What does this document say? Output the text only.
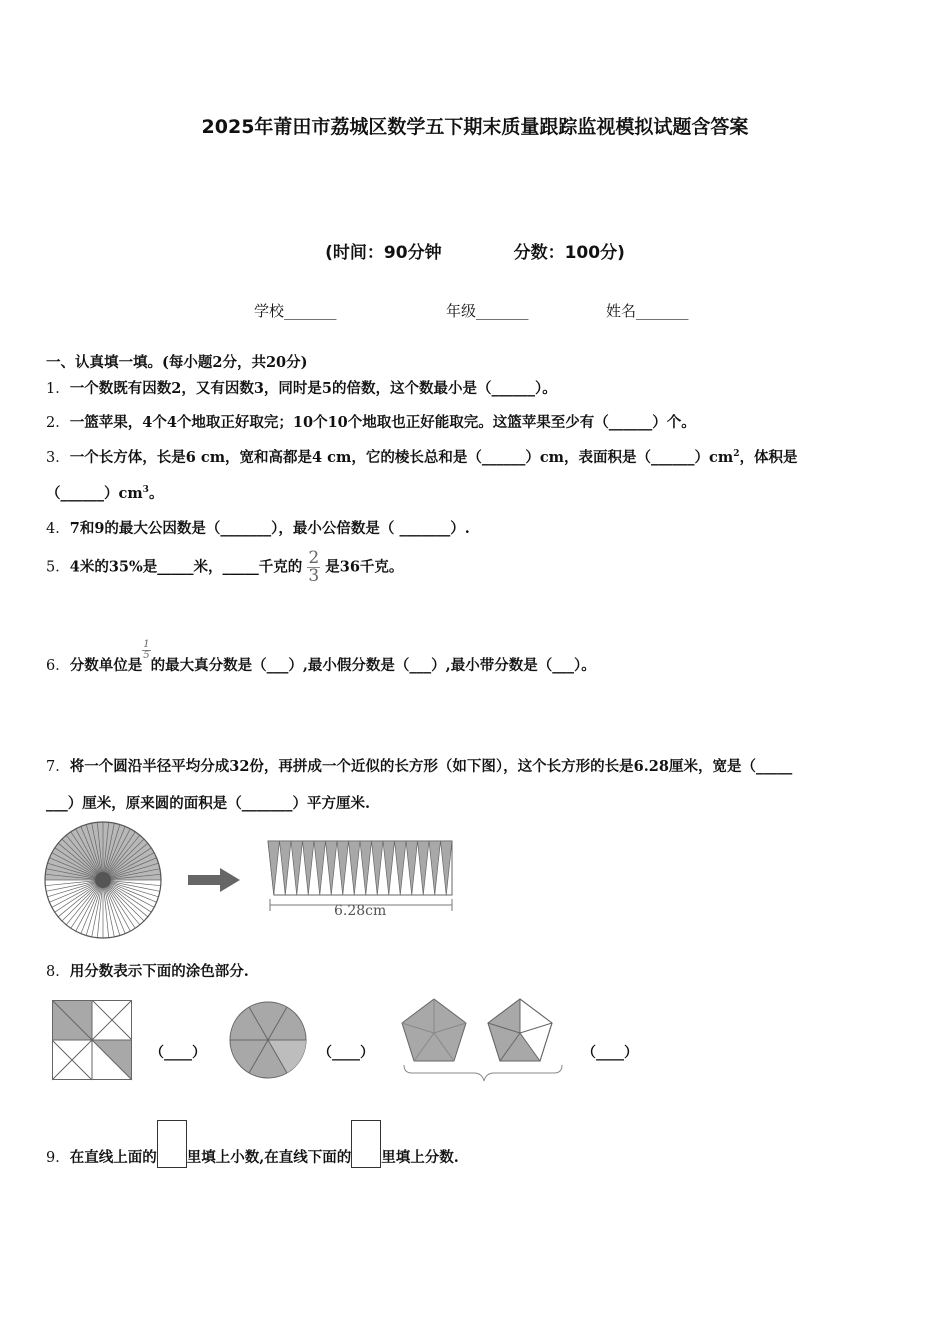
2025年莆田市荔城区数学五下期末质量跟踪监视模拟试题含答案
(时间：90分钟	分数：100分)
学校_______	年级_______	姓名_______
一、认真填一填。(每小题2分，共20分)
1．一个数既有因数2，又有因数3，同时是5的倍数，这个数最小是（______）。
2．一篮苹果，4个4个地取正好取完；10个10个地取也正好能取完。这篮苹果至少有（______）个。
3．一个长方体，长是6 cm，宽和高都是4 cm，它的棱长总和是（______）cm，表面积是$(\_\_\_\_\_\_)cm^2$，体积是
$(\_\_\_\_\_\_)cm^3$。
4．7和9的最大公因数是（_______），最小公倍数是（ _______）.
5．4米的35%是_____米，_____千克的 $\frac{2}{3}$ 是36千克。
6．分数单位是
$\frac{1}{5}$
的最大真分数是（___）,最小假分数是（___）,最小带分数是（___）。
7．将一个圆沿半径平均分成32份，再拼成一个近似的长方形（如下图），这个长方形的长是6.28厘米，宽是（_____
___）厘米，原来圆的面积是（_______）平方厘米.
6.28cm
8．用分数表示下面的涂色部分.
（____）	（____）	（____）
9．在直线上面的 里填上小数,在直线下面的 里填上分数.
